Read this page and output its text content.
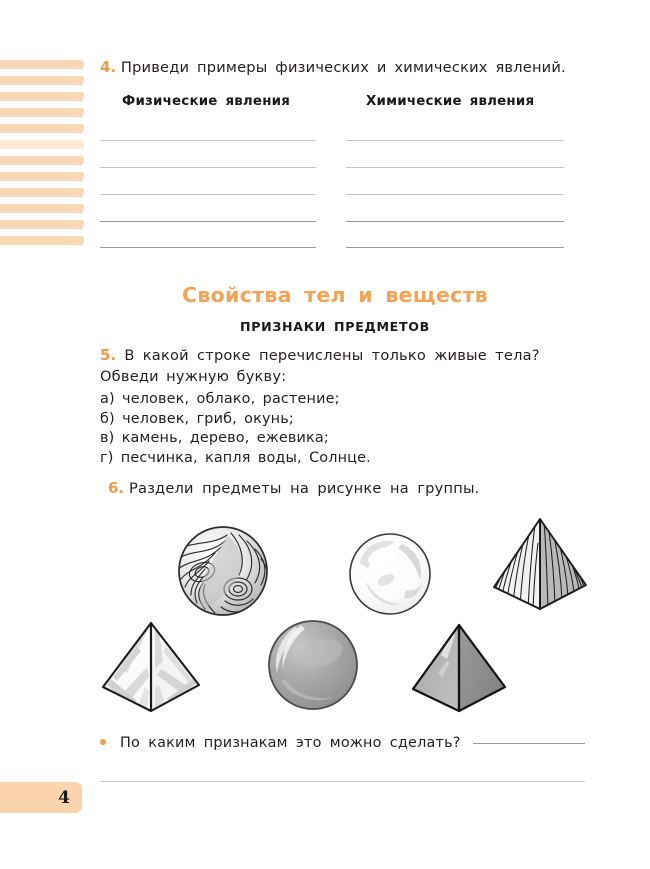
4
4. Приведи примеры физических и химических явлений.
Физические явления	Химические явления
Свойства тел и веществ
ПРИЗНАКИ ПРЕДМЕТОВ
5. В какой строке перечислены только живые тела?
Обведи нужную букву:
а) человек, облако, растение;
б) человек, гриб, окунь;
в) камень, дерево, ежевика;
г) песчинка, капля воды, Солнце.
6. Раздели предметы на рисунке на группы.
По каким признакам это можно сделать?
